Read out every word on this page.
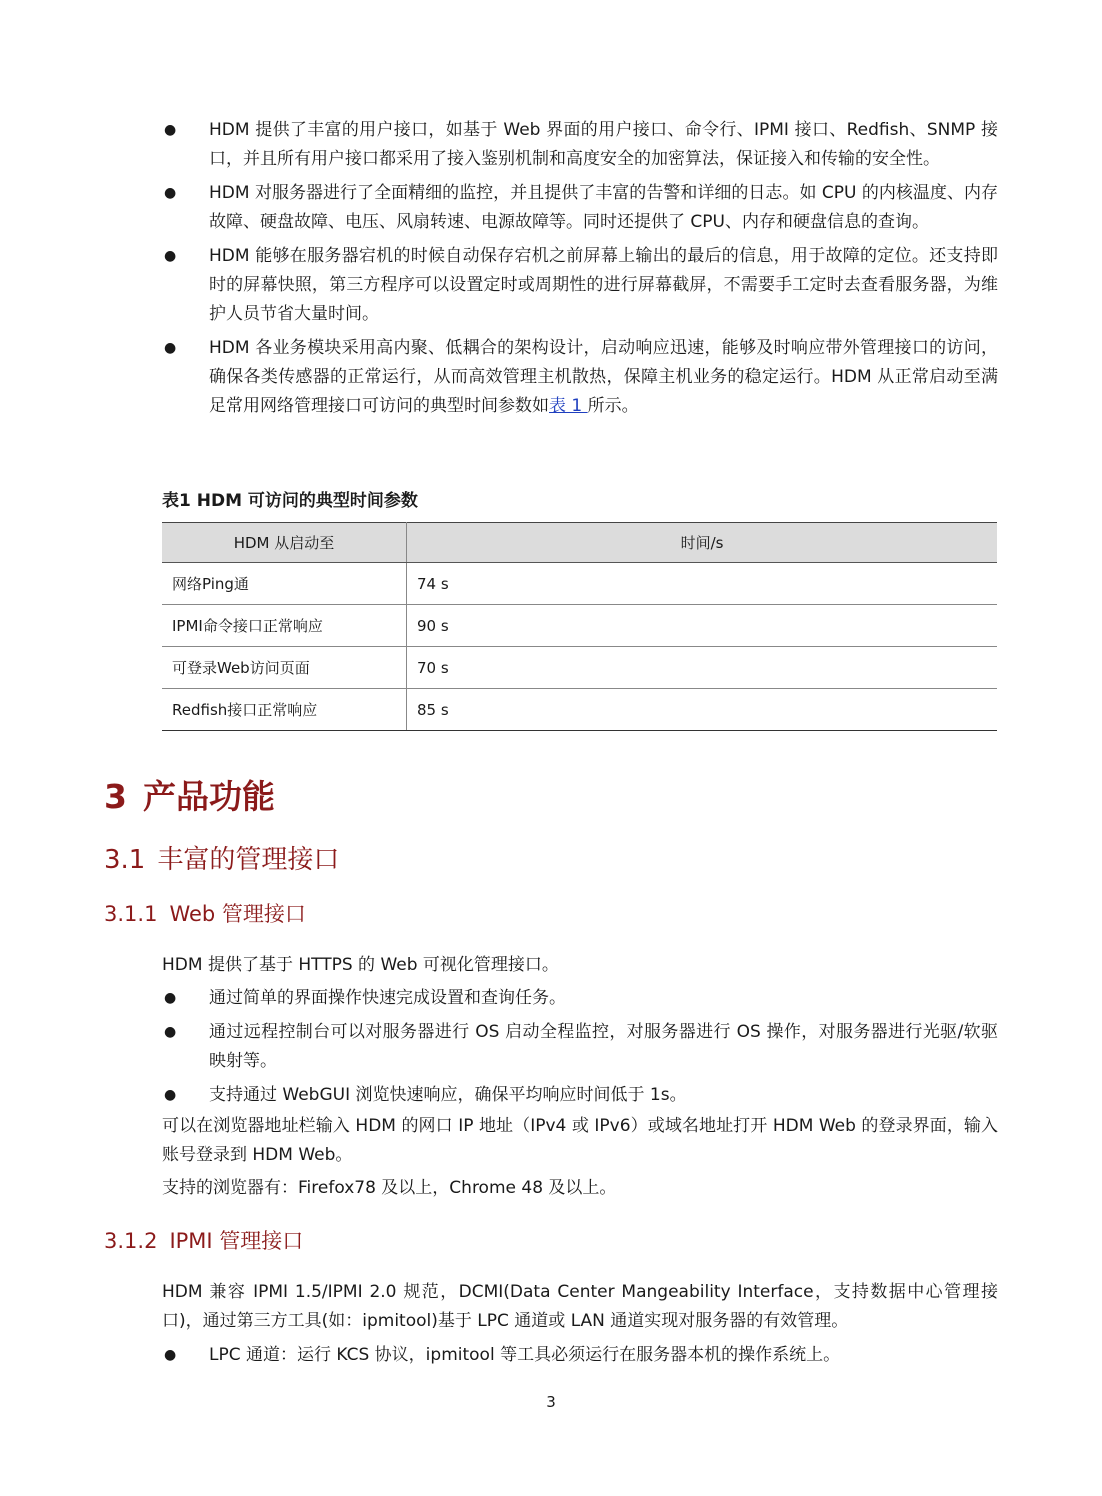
● HDM 提供了丰富的用户接口，如基于 Web 界面的用户接口、命令行、IPMI 接口、Redfish、SNMP 接口，并且所有用户接口都采用了接入鉴别机制和高度安全的加密算法，保证接入和传输的安全性。
● HDM 对服务器进行了全面精细的监控，并且提供了丰富的告警和详细的日志。如 CPU 的内核温度、内存故障、硬盘故障、电压、风扇转速、电源故障等。同时还提供了 CPU、内存和硬盘信息的查询。
● HDM 能够在服务器宕机的时候自动保存宕机之前屏幕上输出的最后的信息，用于故障的定位。还支持即时的屏幕快照，第三方程序可以设置定时或周期性的进行屏幕截屏，不需要手工定时去查看服务器，为维护人员节省大量时间。
● HDM 各业务模块采用高内聚、低耦合的架构设计，启动响应迅速，能够及时响应带外管理接口的访问，确保各类传感器的正常运行，从而高效管理主机散热，保障主机业务的稳定运行。HDM 从正常启动至满足常用网络管理接口可访问的典型时间参数如表 1 所示。
表1 HDM 可访问的典型时间参数
HDM 从启动至	时间/s
网络Ping通	74 s
IPMI命令接口正常响应	90 s
可登录Web访问页面	70 s
Redfish接口正常响应	85 s
3 产品功能
3.1 丰富的管理接口
3.1.1 Web 管理接口

HDM 提供了基于 HTTPS 的 Web 可视化管理接口。

● 通过简单的界面操作快速完成设置和查询任务。
● 通过远程控制台可以对服务器进行 OS 启动全程监控，对服务器进行 OS 操作，对服务器进行光驱/软驱映射等。
● 支持通过 WebGUI 浏览快速响应，确保平均响应时间低于 1s。

可以在浏览器地址栏输入 HDM 的网口 IP 地址（IPv4 或 IPv6）或域名地址打开 HDM Web 的登录界面，输入账号登录到 HDM Web。

支持的浏览器有：Firefox78 及以上，Chrome 48 及以上。

3.1.2 IPMI 管理接口

HDM 兼容 IPMI 1.5/IPMI 2.0 规范，DCMI(Data Center Mangeability Interface，支持数据中心管理接口)，通过第三方工具(如：ipmitool)基于 LPC 通道或 LAN 通道实现对服务器的有效管理。

● LPC 通道：运行 KCS 协议，ipmitool 等工具必须运行在服务器本机的操作系统上。
3
